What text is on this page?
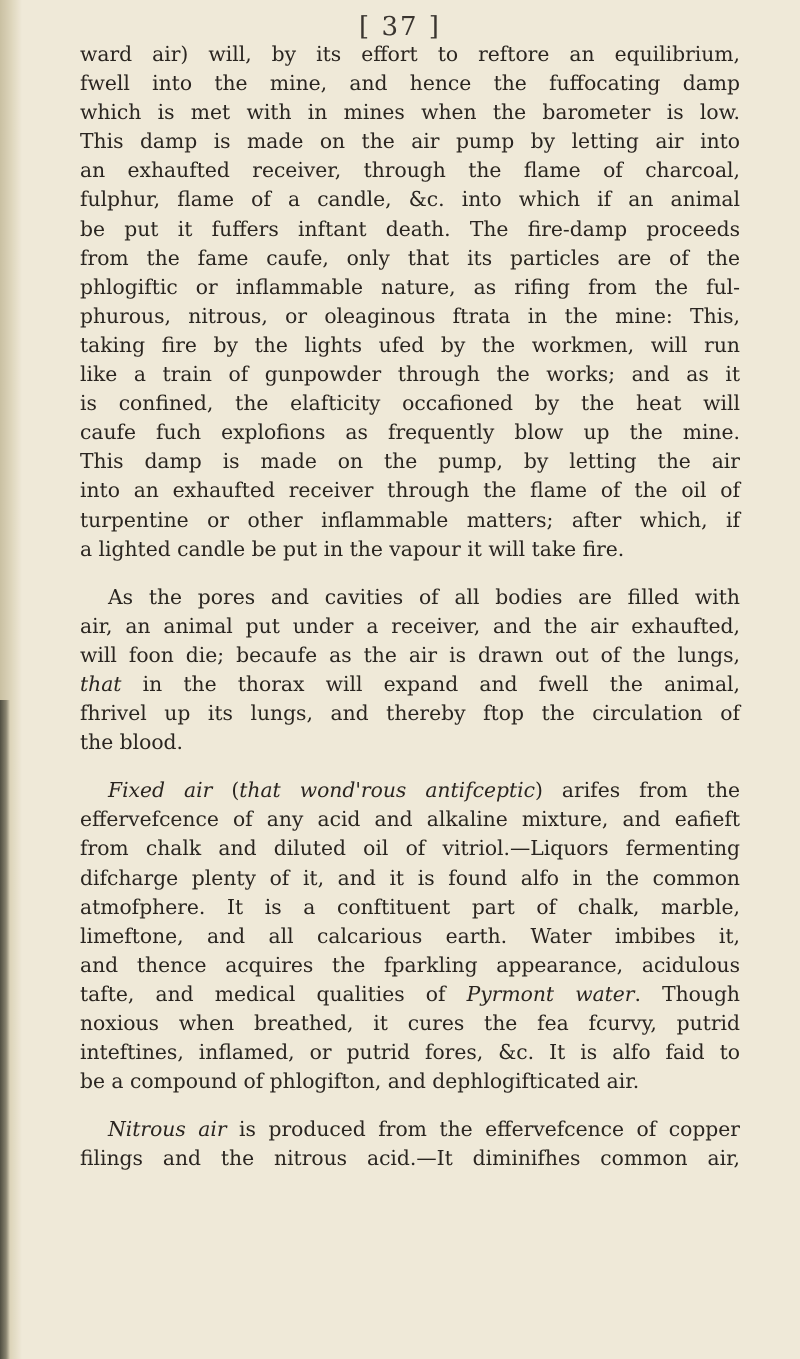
[ 37 ]

ward air) will, by its effort to reftore an equilibrium,
fwell into the mine, and hence the fuffocating damp
which is met with in mines when the barometer is low.
This damp is made on the air pump by letting air into
an exhaufted receiver, through the flame of charcoal,
fulphur, flame of a candle, &c. into which if an animal
be put it fuffers inftant death. The fire-damp proceeds
from the fame caufe, only that its particles are of the
phlogiftic or inflammable nature, as rifing from the ful-
phurous, nitrous, or oleaginous ftrata in the mine: This,
taking fire by the lights ufed by the workmen, will run
like a train of gunpowder through the works; and as it
is confined, the elafticity occafioned by the heat will
caufe fuch explofions as frequently blow up the mine.
This damp is made on the pump, by letting the air
into an exhaufted receiver through the flame of the oil of
turpentine or other inflammable matters; after which, if
a lighted candle be put in the vapour it will take fire.

As the pores and cavities of all bodies are filled with
air, an animal put under a receiver, and the air exhaufted,
will foon die; becaufe as the air is drawn out of the lungs,
that in the thorax will expand and fwell the animal,
fhrivel up its lungs, and thereby ftop the circulation of
the blood.

Fixed air (that wond'rous antifceptic) arifes from the
effervefcence of any acid and alkaline mixture, and eafieft
from chalk and diluted oil of vitriol.—Liquors fermenting
difcharge plenty of it, and it is found alfo in the common
atmofphere. It is a conftituent part of chalk, marble,
limeftone, and all calcarious earth. Water imbibes it,
and thence acquires the fparkling appearance, acidulous
tafte, and medical qualities of Pyrmont water. Though
noxious when breathed, it cures the fea fcurvy, putrid
inteftines, inflamed, or putrid fores, &c. It is alfo faid to
be a compound of phlogifton, and dephlogifticated air.

Nitrous air is produced from the effervefcence of copper
filings and the nitrous acid.—It diminifhes common air,
